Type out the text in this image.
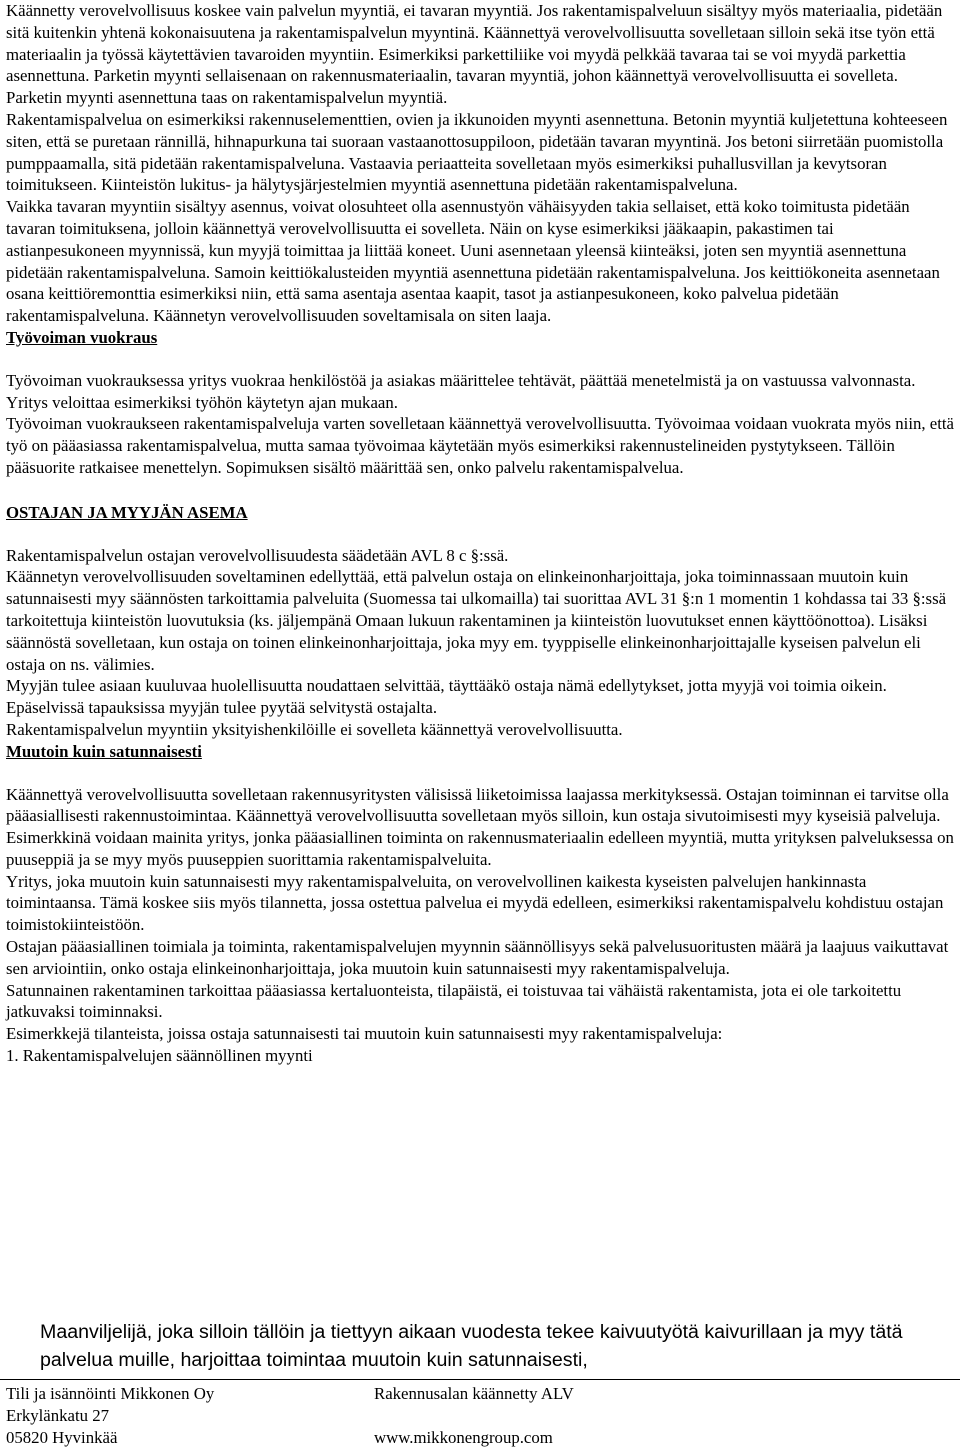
Käännetty verovelvollisuus koskee vain palvelun myyntiä, ei tavaran myyntiä. Jos rakentamispalveluun sisältyy myös materiaalia, pidetään sitä kuitenkin yhtenä kokonaisuutena ja rakentamispalvelun myyntinä. Käännettyä verovelvollisuutta sovelletaan silloin sekä itse työn että materiaalin ja työssä käytettävien tavaroiden myyntiin. Esimerkiksi parkettiliike voi myydä pelkkää tavaraa tai se voi myydä parkettia asennettuna. Parketin myynti sellaisenaan on rakennusmateriaalin, tavaran myyntiä, johon käännettyä verovelvollisuutta ei sovelleta. Parketin myynti asennettuna taas on rakentamispalvelun myyntiä.

Rakentamispalvelua on esimerkiksi rakennuselementtien, ovien ja ikkunoiden myynti asennettuna. Betonin myyntiä kuljetettuna kohteeseen siten, että se puretaan rännillä, hihnapurkuna tai suoraan vastaanottosuppiloon, pidetään tavaran myyntinä. Jos betoni siirretään puomistolla pumppaamalla, sitä pidetään rakentamispalveluna. Vastaavia periaatteita sovelletaan myös esimerkiksi puhallusvillan ja kevytsoran toimitukseen. Kiinteistön lukitus- ja hälytysjärjestelmien myyntiä asennettuna pidetään rakentamispalveluna.

Vaikka tavaran myyntiin sisältyy asennus, voivat olosuhteet olla asennustyön vähäisyyden takia sellaiset, että koko toimitusta pidetään tavaran toimituksena, jolloin käännettyä verovelvollisuutta ei sovelleta. Näin on kyse esimerkiksi jääkaapin, pakastimen tai astianpesukoneen myynnissä, kun myyjä toimittaa ja liittää koneet. Uuni asennetaan yleensä kiinteäksi, joten sen myyntiä asennettuna pidetään rakentamispalveluna. Samoin keittiökalusteiden myyntiä asennettuna pidetään rakentamispalveluna. Jos keittiökoneita asennetaan osana keittiöremonttia esimerkiksi niin, että sama asentaja asentaa kaapit, tasot ja astianpesukoneen, koko palvelua pidetään rakentamispalveluna. Käännetyn verovelvollisuuden soveltamisala on siten laaja.

Työvoiman vuokraus

Työvoiman vuokrauksessa yritys vuokraa henkilöstöä ja asiakas määrittelee tehtävät, päättää menetelmistä ja on vastuussa valvonnasta. Yritys veloittaa esimerkiksi työhön käytetyn ajan mukaan.

Työvoiman vuokraukseen rakentamispalveluja varten sovelletaan käännettyä verovelvollisuutta. Työvoimaa voidaan vuokrata myös niin, että työ on pääasiassa rakentamispalvelua, mutta samaa työvoimaa käytetään myös esimerkiksi rakennustelineiden pystytykseen. Tällöin pääsuorite ratkaisee menettelyn. Sopimuksen sisältö määrittää sen, onko palvelu rakentamispalvelua.

OSTAJAN JA MYYJÄN ASEMA

Rakentamispalvelun ostajan verovelvollisuudesta säädetään AVL 8 c §:ssä.

Käännetyn verovelvollisuuden soveltaminen edellyttää, että palvelun ostaja on elinkeinonharjoittaja, joka toiminnassaan muutoin kuin satunnaisesti myy säännösten tarkoittamia palveluita (Suomessa tai ulkomailla) tai suorittaa AVL 31 §:n 1 momentin 1 kohdassa tai 33 §:ssä tarkoitettuja kiinteistön luovutuksia (ks. jäljempänä Omaan lukuun rakentaminen ja kiinteistön luovutukset ennen käyttöönottoa). Lisäksi säännöstä sovelletaan, kun ostaja on toinen elinkeinonharjoittaja, joka myy em. tyyppiselle elinkeinonharjoittajalle kyseisen palvelun eli ostaja on ns. välimies.

Myyjän tulee asiaan kuuluvaa huolellisuutta noudattaen selvittää, täyttääkö ostaja nämä edellytykset, jotta myyjä voi toimia oikein. Epäselvissä tapauksissa myyjän tulee pyytää selvitystä ostajalta.

Rakentamispalvelun myyntiin yksityishenkilöille ei sovelleta käännettyä verovelvollisuutta.

Muutoin kuin satunnaisesti

Käännettyä verovelvollisuutta sovelletaan rakennusyritysten välisissä liiketoimissa laajassa merkityksessä. Ostajan toiminnan ei tarvitse olla pääasiallisesti rakennustoimintaa. Käännettyä verovelvollisuutta sovelletaan myös silloin, kun ostaja sivutoimisesti myy kyseisiä palveluja. Esimerkkinä voidaan mainita yritys, jonka pääasiallinen toiminta on rakennusmateriaalin edelleen myyntiä, mutta yrityksen palveluksessa on puuseppiä ja se myy myös puuseppien suorittamia rakentamispalveluita.

Yritys, joka muutoin kuin satunnaisesti myy rakentamispalveluita, on verovelvollinen kaikesta kyseisten palvelujen hankinnasta toimintaansa. Tämä koskee siis myös tilannetta, jossa ostettua palvelua ei myydä edelleen, esimerkiksi rakentamispalvelu kohdistuu ostajan toimistokiinteistöön.

Ostajan pääasiallinen toimiala ja toiminta, rakentamispalvelujen myynnin säännöllisyys sekä palvelusuoritusten määrä ja laajuus vaikuttavat sen arviointiin, onko ostaja elinkeinonharjoittaja, joka muutoin kuin satunnaisesti myy rakentamispalveluja.

Satunnainen rakentaminen tarkoittaa pääasiassa kertaluonteista, tilapäistä, ei toistuvaa tai vähäistä rakentamista, jota ei ole tarkoitettu jatkuvaksi toiminnaksi.

Esimerkkejä tilanteista, joissa ostaja satunnaisesti tai muutoin kuin satunnaisesti myy rakentamispalveluja:

1. Rakentamispalvelujen säännöllinen myynti

Maanviljelijä, joka silloin tällöin ja tiettyyn aikaan vuodesta tekee kaivuutyötä kaivurillaan ja myy tätä palvelua muille, harjoittaa toimintaa muutoin kuin satunnaisesti,

Tili ja isännöinti Mikkonen Oy
Erkylänkatu 27
05820 Hyvinkää
Rakennusalan käännetty ALV

www.mikkonengroup.com
